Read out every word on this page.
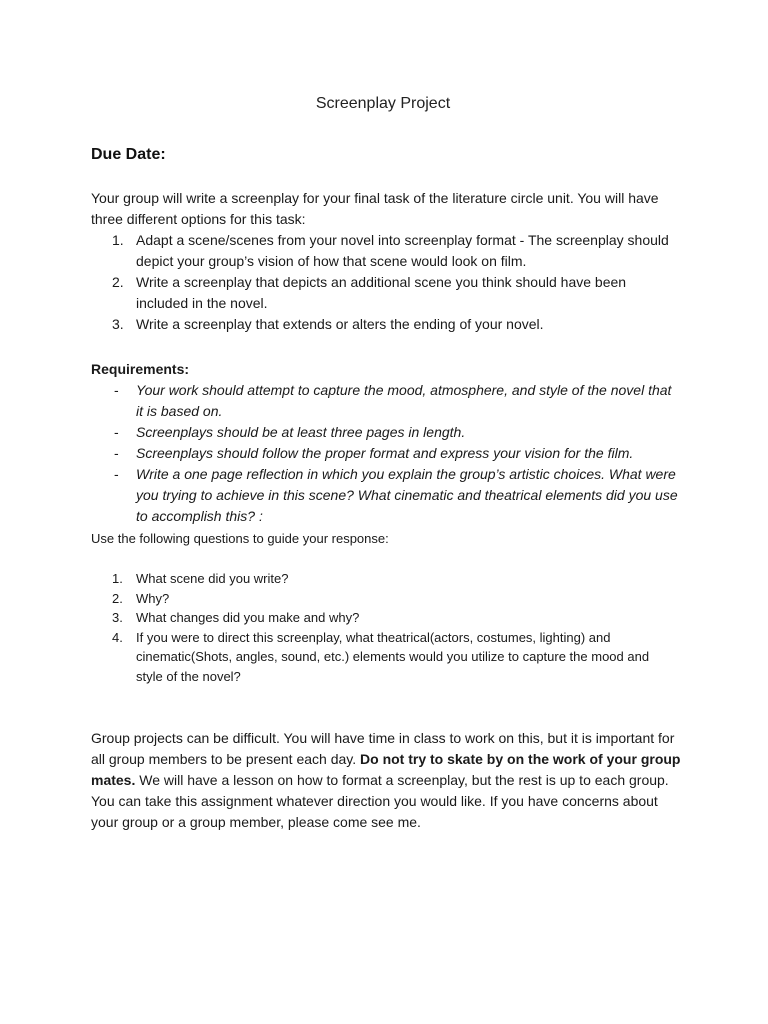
Screenplay Project
Due Date:

Your group will write a screenplay for your final task of the literature circle unit. You will have three different options for this task:

1. Adapt a scene/scenes from your novel into screenplay format - The screenplay should depict your group’s vision of how that scene would look on film.
2. Write a screenplay that depicts an additional scene you think should have been included in the novel.
3. Write a screenplay that extends or alters the ending of your novel.
Requirements:
- Your work should attempt to capture the mood, atmosphere, and style of the novel that it is based on.
- Screenplays should be at least three pages in length.
- Screenplays should follow the proper format and express your vision for the film.
- Write a one page reflection in which you explain the group’s artistic choices. What were you trying to achieve in this scene? What cinematic and theatrical elements did you use to accomplish this? :
Use the following questions to guide your response:
1. What scene did you write?
2. Why?
3. What changes did you make and why?
4. If you were to direct this screenplay, what theatrical(actors, costumes, lighting) and cinematic(Shots, angles, sound, etc.) elements would you utilize to capture the mood and style of the novel?

Group projects can be difficult. You will have time in class to work on this, but it is important for all group members to be present each day. Do not try to skate by on the work of your group mates. We will have a lesson on how to format a screenplay, but the rest is up to each group. You can take this assignment whatever direction you would like. If you have concerns about your group or a group member, please come see me.
